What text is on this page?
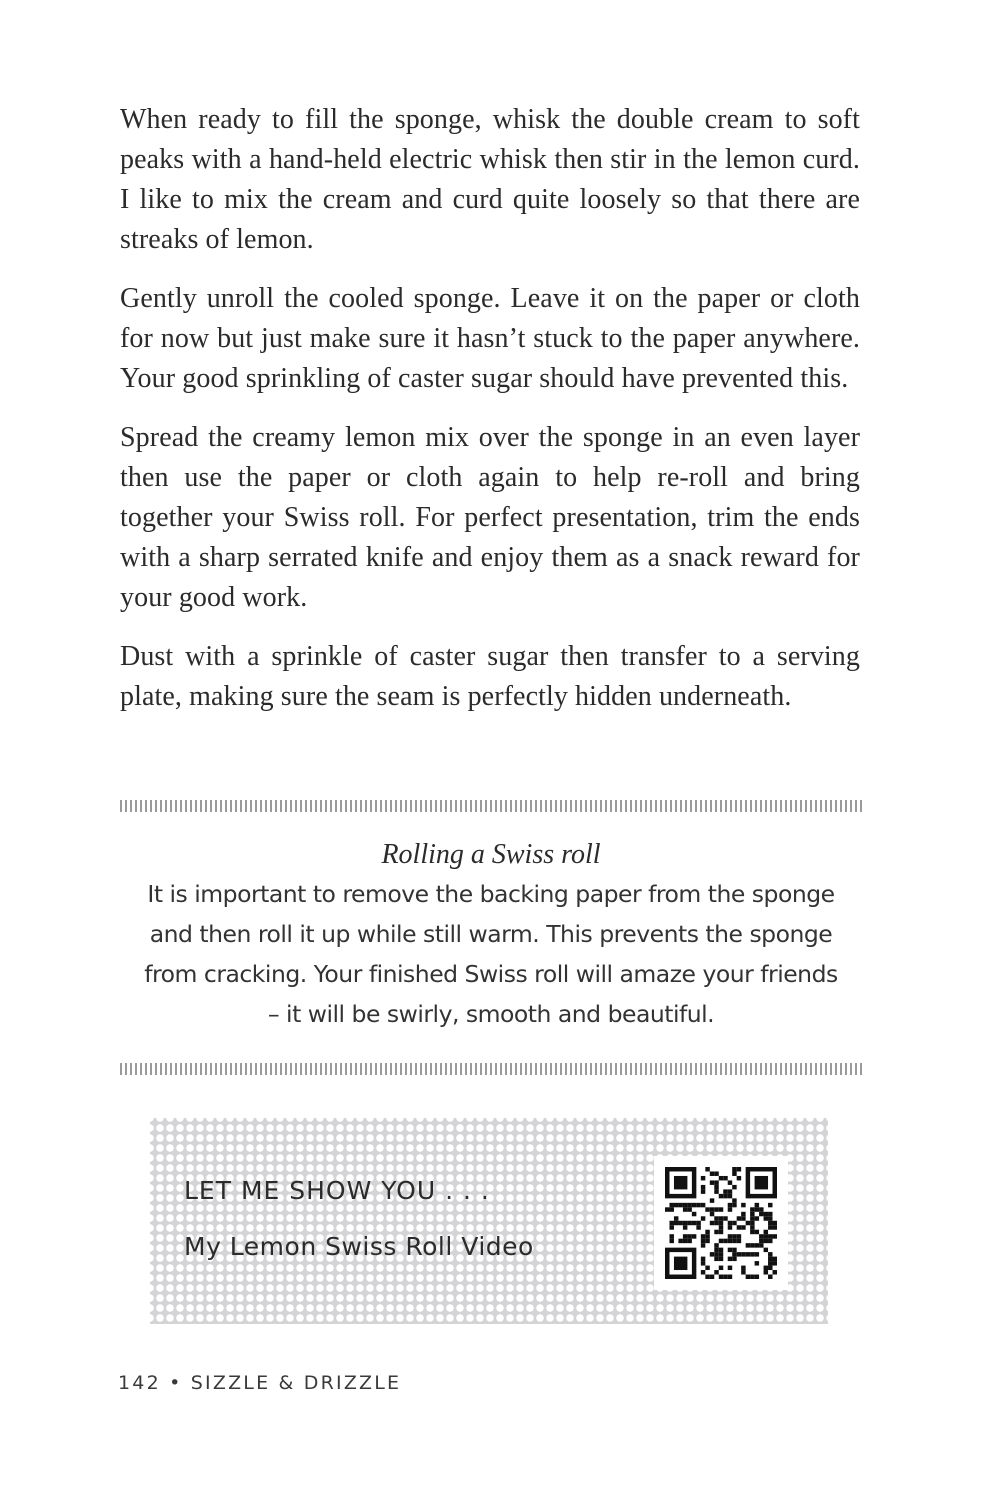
When ready to fill the sponge, whisk the double cream to soft peaks with a hand-held electric whisk then stir in the lemon curd. I like to mix the cream and curd quite loosely so that there are streaks of lemon.

Gently unroll the cooled sponge. Leave it on the paper or cloth for now but just make sure it hasn’t stuck to the paper anywhere. Your good sprinkling of caster sugar should have prevented this.

Spread the creamy lemon mix over the sponge in an even layer then use the paper or cloth again to help re-roll and bring together your Swiss roll. For perfect presentation, trim the ends with a sharp serrated knife and enjoy them as a snack reward for your good work.

Dust with a sprinkle of caster sugar then transfer to a serving plate, making sure the seam is perfectly hidden underneath.

Rolling a Swiss roll
It is important to remove the backing paper from the sponge and then roll it up while still warm. This prevents the sponge from cracking. Your finished Swiss roll will amaze your friends – it will be swirly, smooth and beautiful.
LET ME SHOW YOU . . .
My Lemon Swiss Roll Video
142 • SIZZLE & DRIZZLE
